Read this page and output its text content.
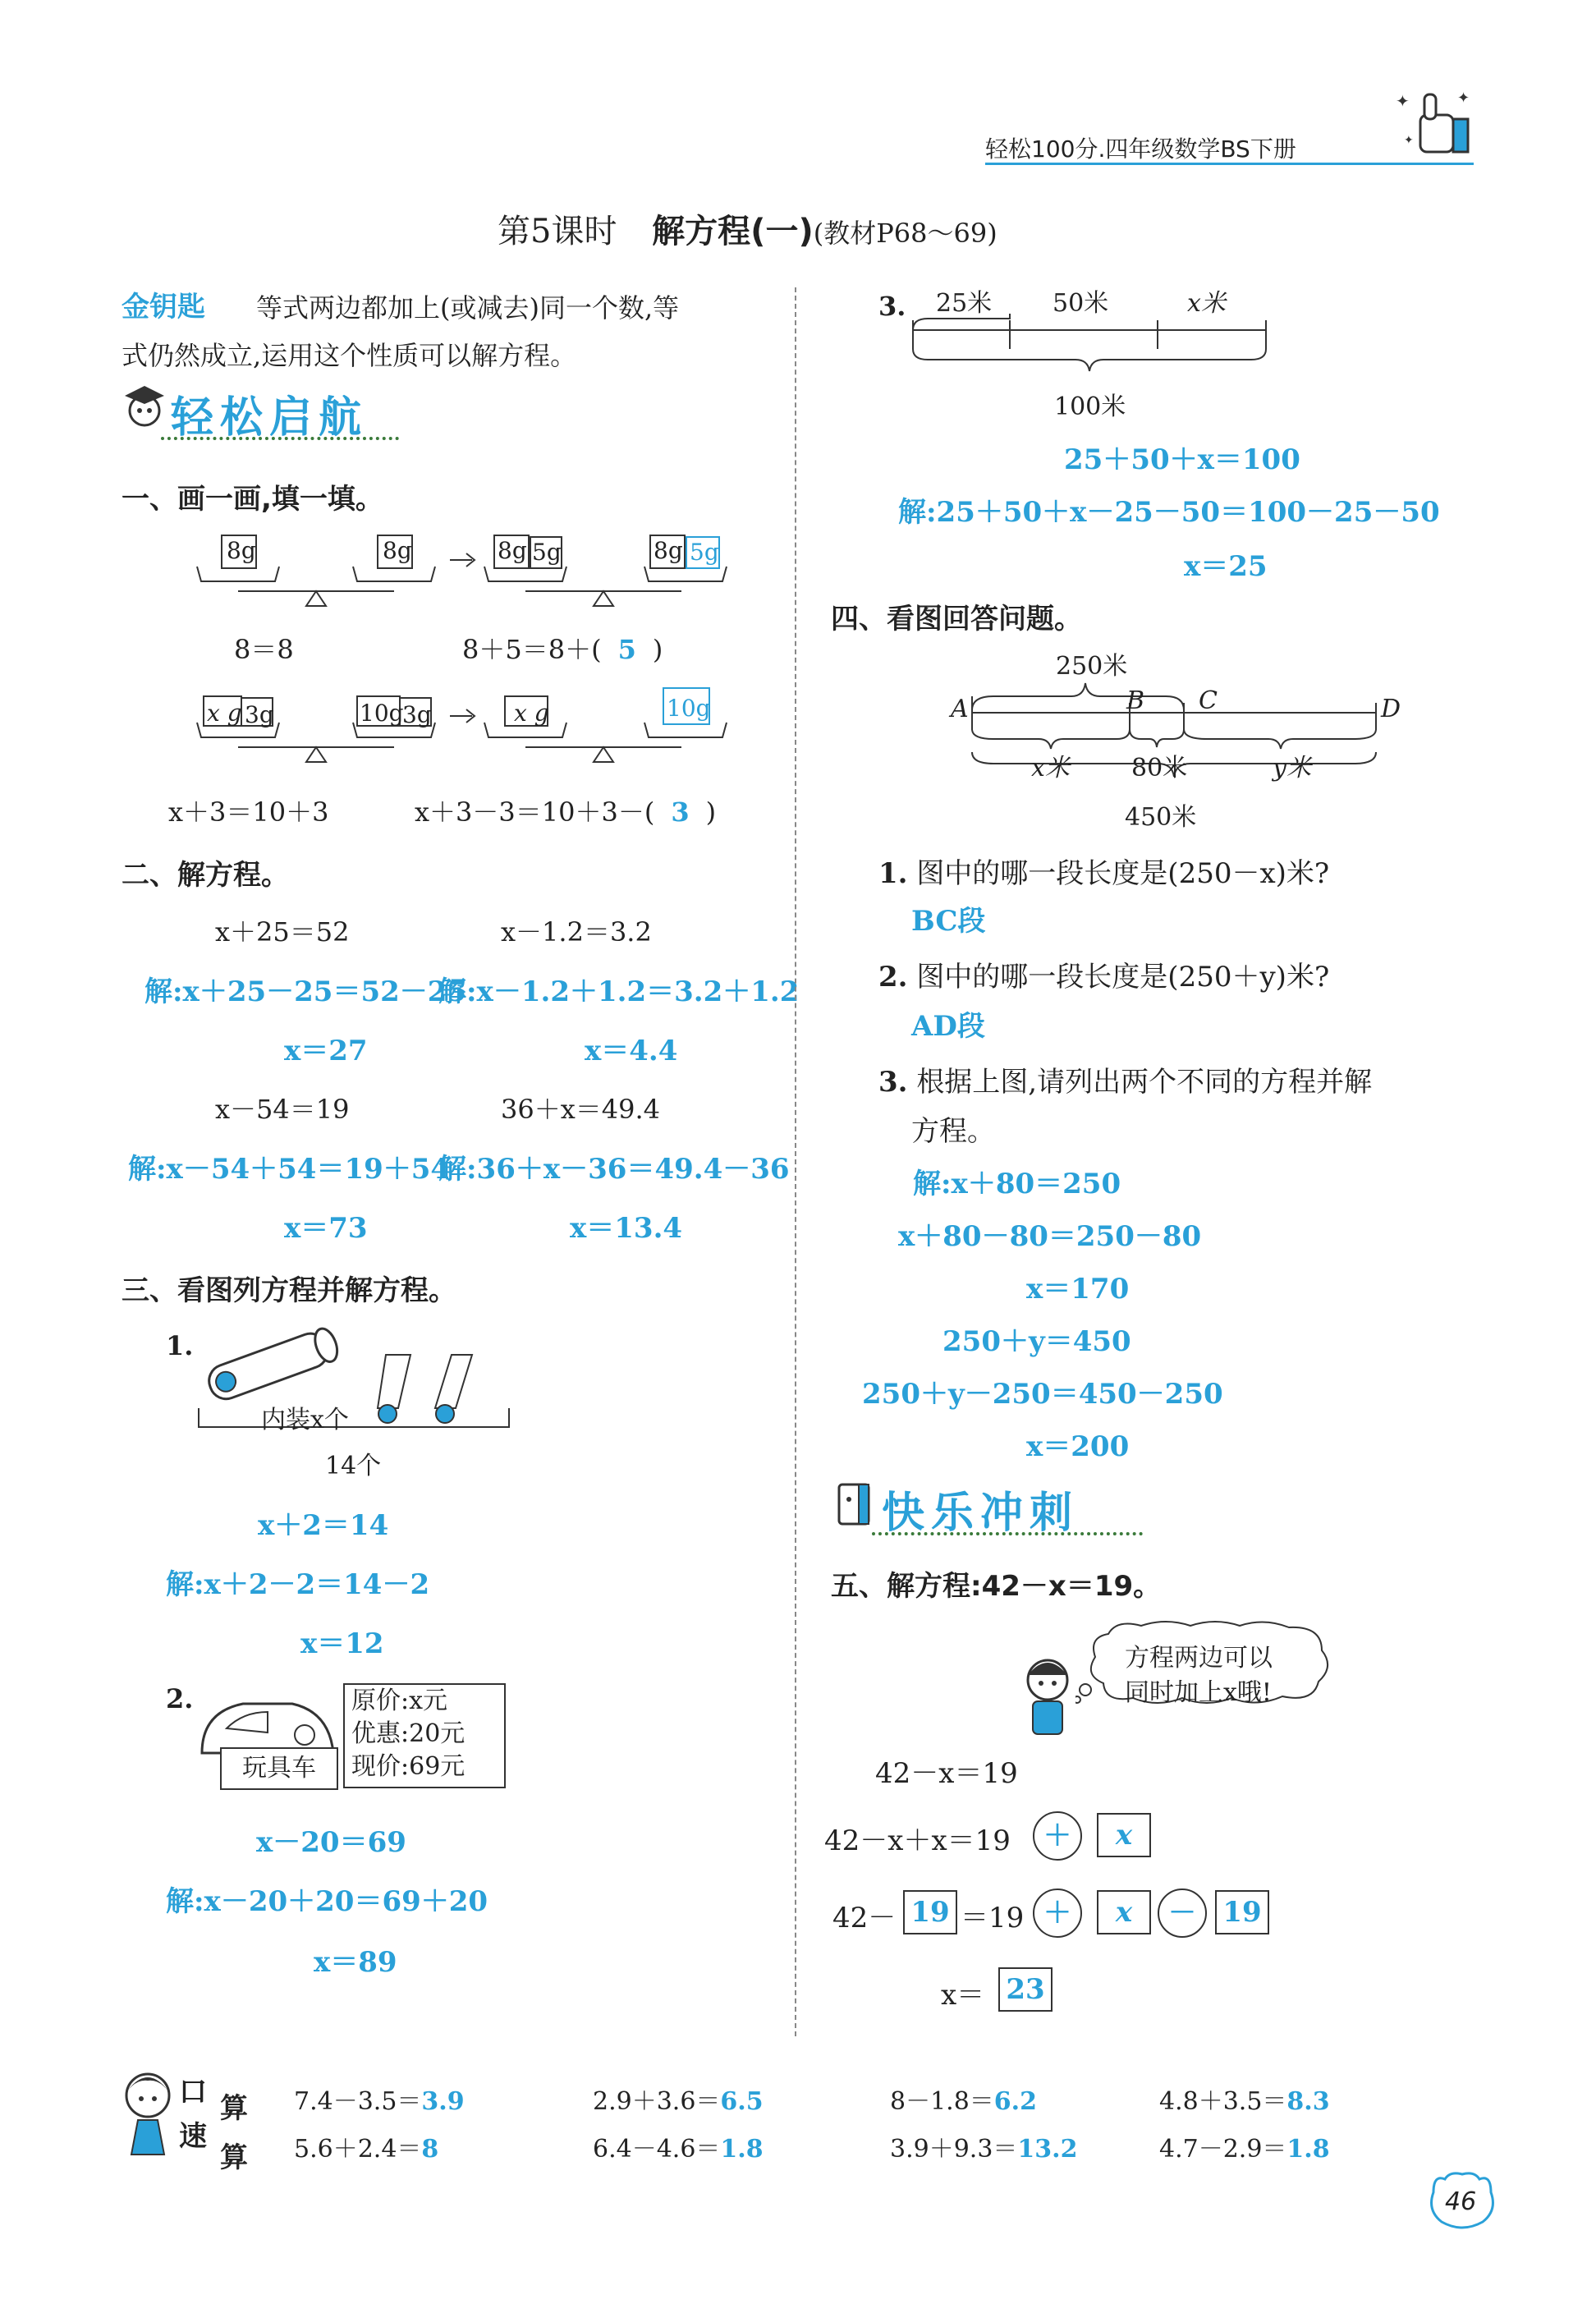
轻松100分.四年级数学BS下册
✦	✦
✦
第5课时 解方程(一)(教材P68～69)
金钥匙 等式两边都加上(或减去)同一个数,等
式仍然成立,运用这个性质可以解方程。
轻松启航
一、画一画,填一填。
8g	8g	8g 5g	8g 5g
8＝8	8＋5＝8＋( 5 )
x g 3g	10g
3g	x g	10g
x＋3＝10＋3	x＋3－3＝10＋3－( 3 )
二、解方程。
x＋25＝52	x－1.2＝3.2
解:x＋25－25＝52－25
解:x－1.2＋1.2＝3.2＋1.2
x＝27	x＝4.4
x－54＝19	36＋x＝49.4
解:x－54＋54＝19＋54
解:36＋x－36＝49.4－36
x＝73	x＝13.4
三、看图列方程并解方程。
1.
内装x个
14个
x＋2＝14
解:x＋2－2＝14－2
x＝12
2.
玩具车
原价:x元
优惠:20元
现价:69元
x－20＝69
解:x－20＋20＝69＋20
x＝89
3. 25米 50米	x米
100米
25＋50＋x＝100
解:25＋50＋x－25－50＝100－25－50
x＝25
四、看图回答问题。
250米
A	B C	D
x米	80米	y米
450米
1. 图中的哪一段长度是(250－x)米?
BC段
2. 图中的哪一段长度是(250＋y)米?
AD段
3. 根据上图,请列出两个不同的方程并解
方程。
解:x＋80＝250
x＋80－80＝250－80
x＝170
250＋y＝450
250＋y－250＝450－250
x＝200
快乐冲刺
五、解方程:42－x＝19。
方程两边可以
同时加上x哦!
42－x＝19
42－x＋x＝19	＋	x
42－ 19 ＝19 ＋	x	－ 19
x＝ 23
口 算
速
算
7.4－3.5＝3.9	2.9＋3.6＝6.5	8－1.8＝6.2	4.8＋3.5＝8.3
5.6＋2.4＝8	6.4－4.6＝1.8	3.9＋9.3＝13.2	4.7－2.9＝1.8
46
